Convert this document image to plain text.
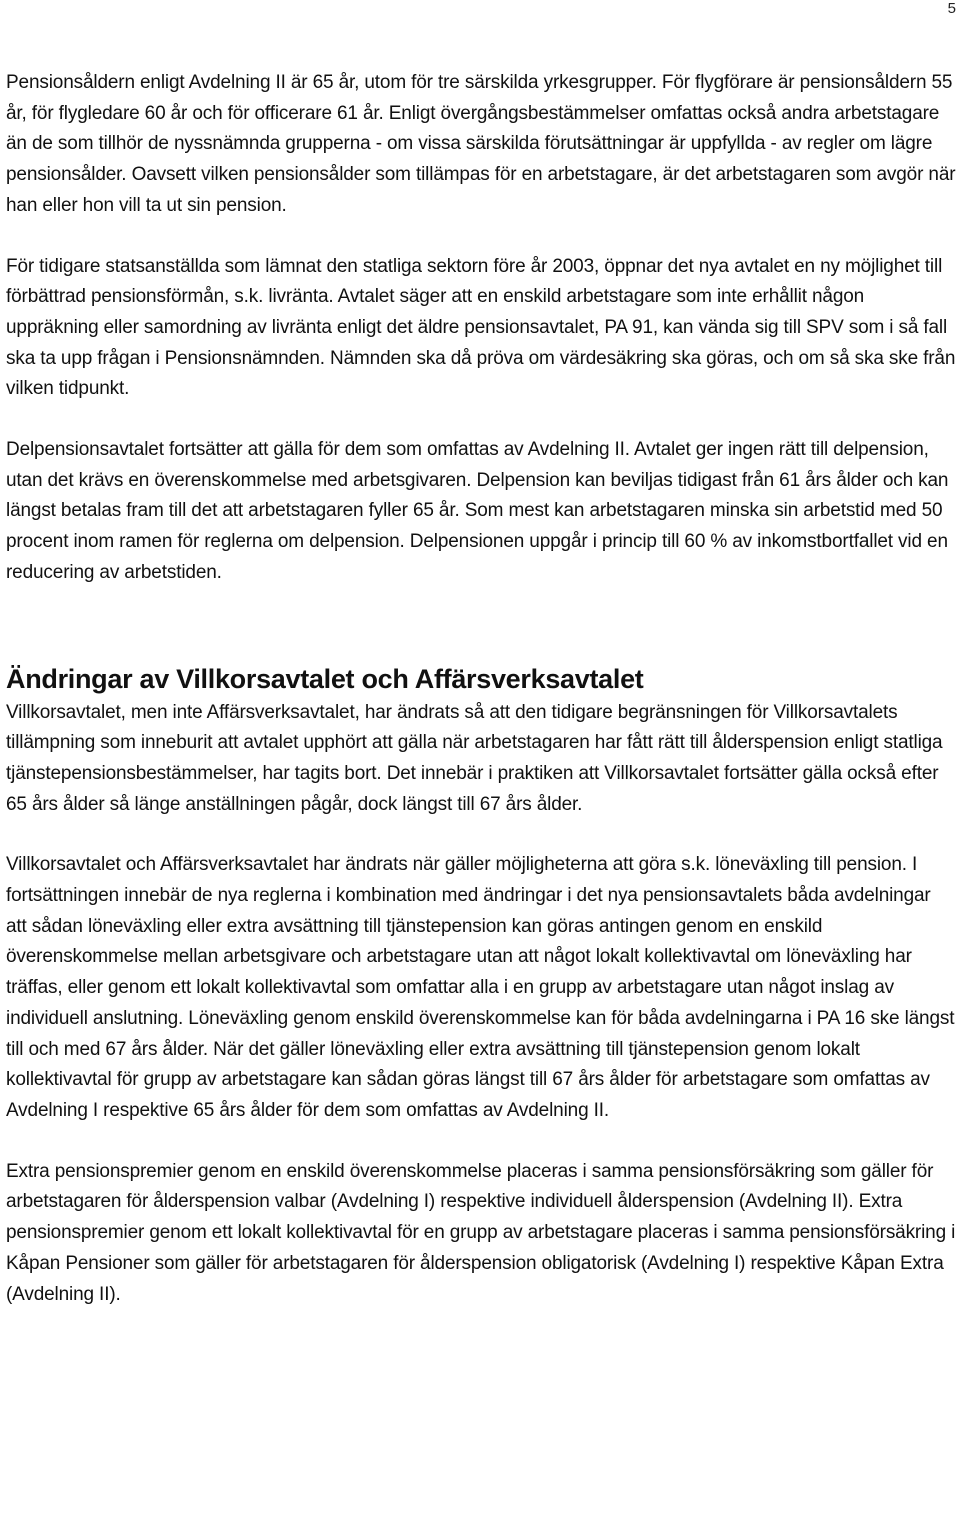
5

Pensionsåldern enligt Avdelning II är 65 år, utom för tre särskilda yrkesgrupper. För flygförare är pensionsåldern 55 år, för flygledare 60 år och för officerare 61 år. Enligt övergångsbestämmelser omfattas också andra arbetstagare än de som tillhör de nyssnämnda grupperna - om vissa särskilda förutsättningar är uppfyllda - av regler om lägre pensionsålder. Oavsett vilken pensionsålder som tillämpas för en arbetstagare, är det arbetstagaren som avgör när han eller hon vill ta ut sin pension.

För tidigare statsanställda som lämnat den statliga sektorn före år 2003, öppnar det nya avtalet en ny möjlighet till förbättrad pensionsförmån, s.k. livränta. Avtalet säger att en enskild arbetstagare som inte erhållit någon uppräkning eller samordning av livränta enligt det äldre pensionsavtalet, PA 91, kan vända sig till SPV som i så fall ska ta upp frågan i Pensionsnämnden. Nämnden ska då pröva om värdesäkring ska göras, och om så ska ske från vilken tidpunkt.

Delpensionsavtalet fortsätter att gälla för dem som omfattas av Avdelning II. Avtalet ger ingen rätt till delpension, utan det krävs en överenskommelse med arbetsgivaren. Delpension kan beviljas tidigast från 61 års ålder och kan längst betalas fram till det att arbetstagaren fyller 65 år. Som mest kan arbetstagaren minska sin arbetstid med 50 procent inom ramen för reglerna om delpension. Delpensionen uppgår i princip till 60 % av inkomstbortfallet vid en reducering av arbetstiden.

Ändringar av Villkorsavtalet och Affärsverksavtalet

Villkorsavtalet, men inte Affärsverksavtalet, har ändrats så att den tidigare begränsningen för Villkorsavtalets tillämpning som inneburit att avtalet upphört att gälla när arbetstagaren har fått rätt till ålderspension enligt statliga tjänstepensionsbestämmelser, har tagits bort. Det innebär i praktiken att Villkorsavtalet fortsätter gälla också efter 65 års ålder så länge anställningen pågår, dock längst till 67 års ålder.

Villkorsavtalet och Affärsverksavtalet har ändrats när gäller möjligheterna att göra s.k. löneväxling till pension. I fortsättningen innebär de nya reglerna i kombination med ändringar i det nya pensionsavtalets båda avdelningar att sådan löneväxling eller extra avsättning till tjänstepension kan göras antingen genom en enskild överenskommelse mellan arbetsgivare och arbetstagare utan att något lokalt kollektivavtal om löneväxling har träffas, eller genom ett lokalt kollektivavtal som omfattar alla i en grupp av arbetstagare utan något inslag av individuell anslutning. Löneväxling genom enskild överenskommelse kan för båda avdelningarna i PA 16 ske längst till och med 67 års ålder. När det gäller löneväxling eller extra avsättning till tjänstepension genom lokalt kollektivavtal för grupp av arbetstagare kan sådan göras längst till 67 års ålder för arbetstagare som omfattas av Avdelning I respektive 65 års ålder för dem som omfattas av Avdelning II.

Extra pensionspremier genom en enskild överenskommelse placeras i samma pensionsförsäkring som gäller för arbetstagaren för ålderspension valbar (Avdelning I) respektive individuell ålderspension (Avdelning II). Extra pensionspremier genom ett lokalt kollektivavtal för en grupp av arbetstagare placeras i samma pensionsförsäkring i Kåpan Pensioner som gäller för arbetstagaren för ålderspension obligatorisk (Avdelning I) respektive Kåpan Extra (Avdelning II).
